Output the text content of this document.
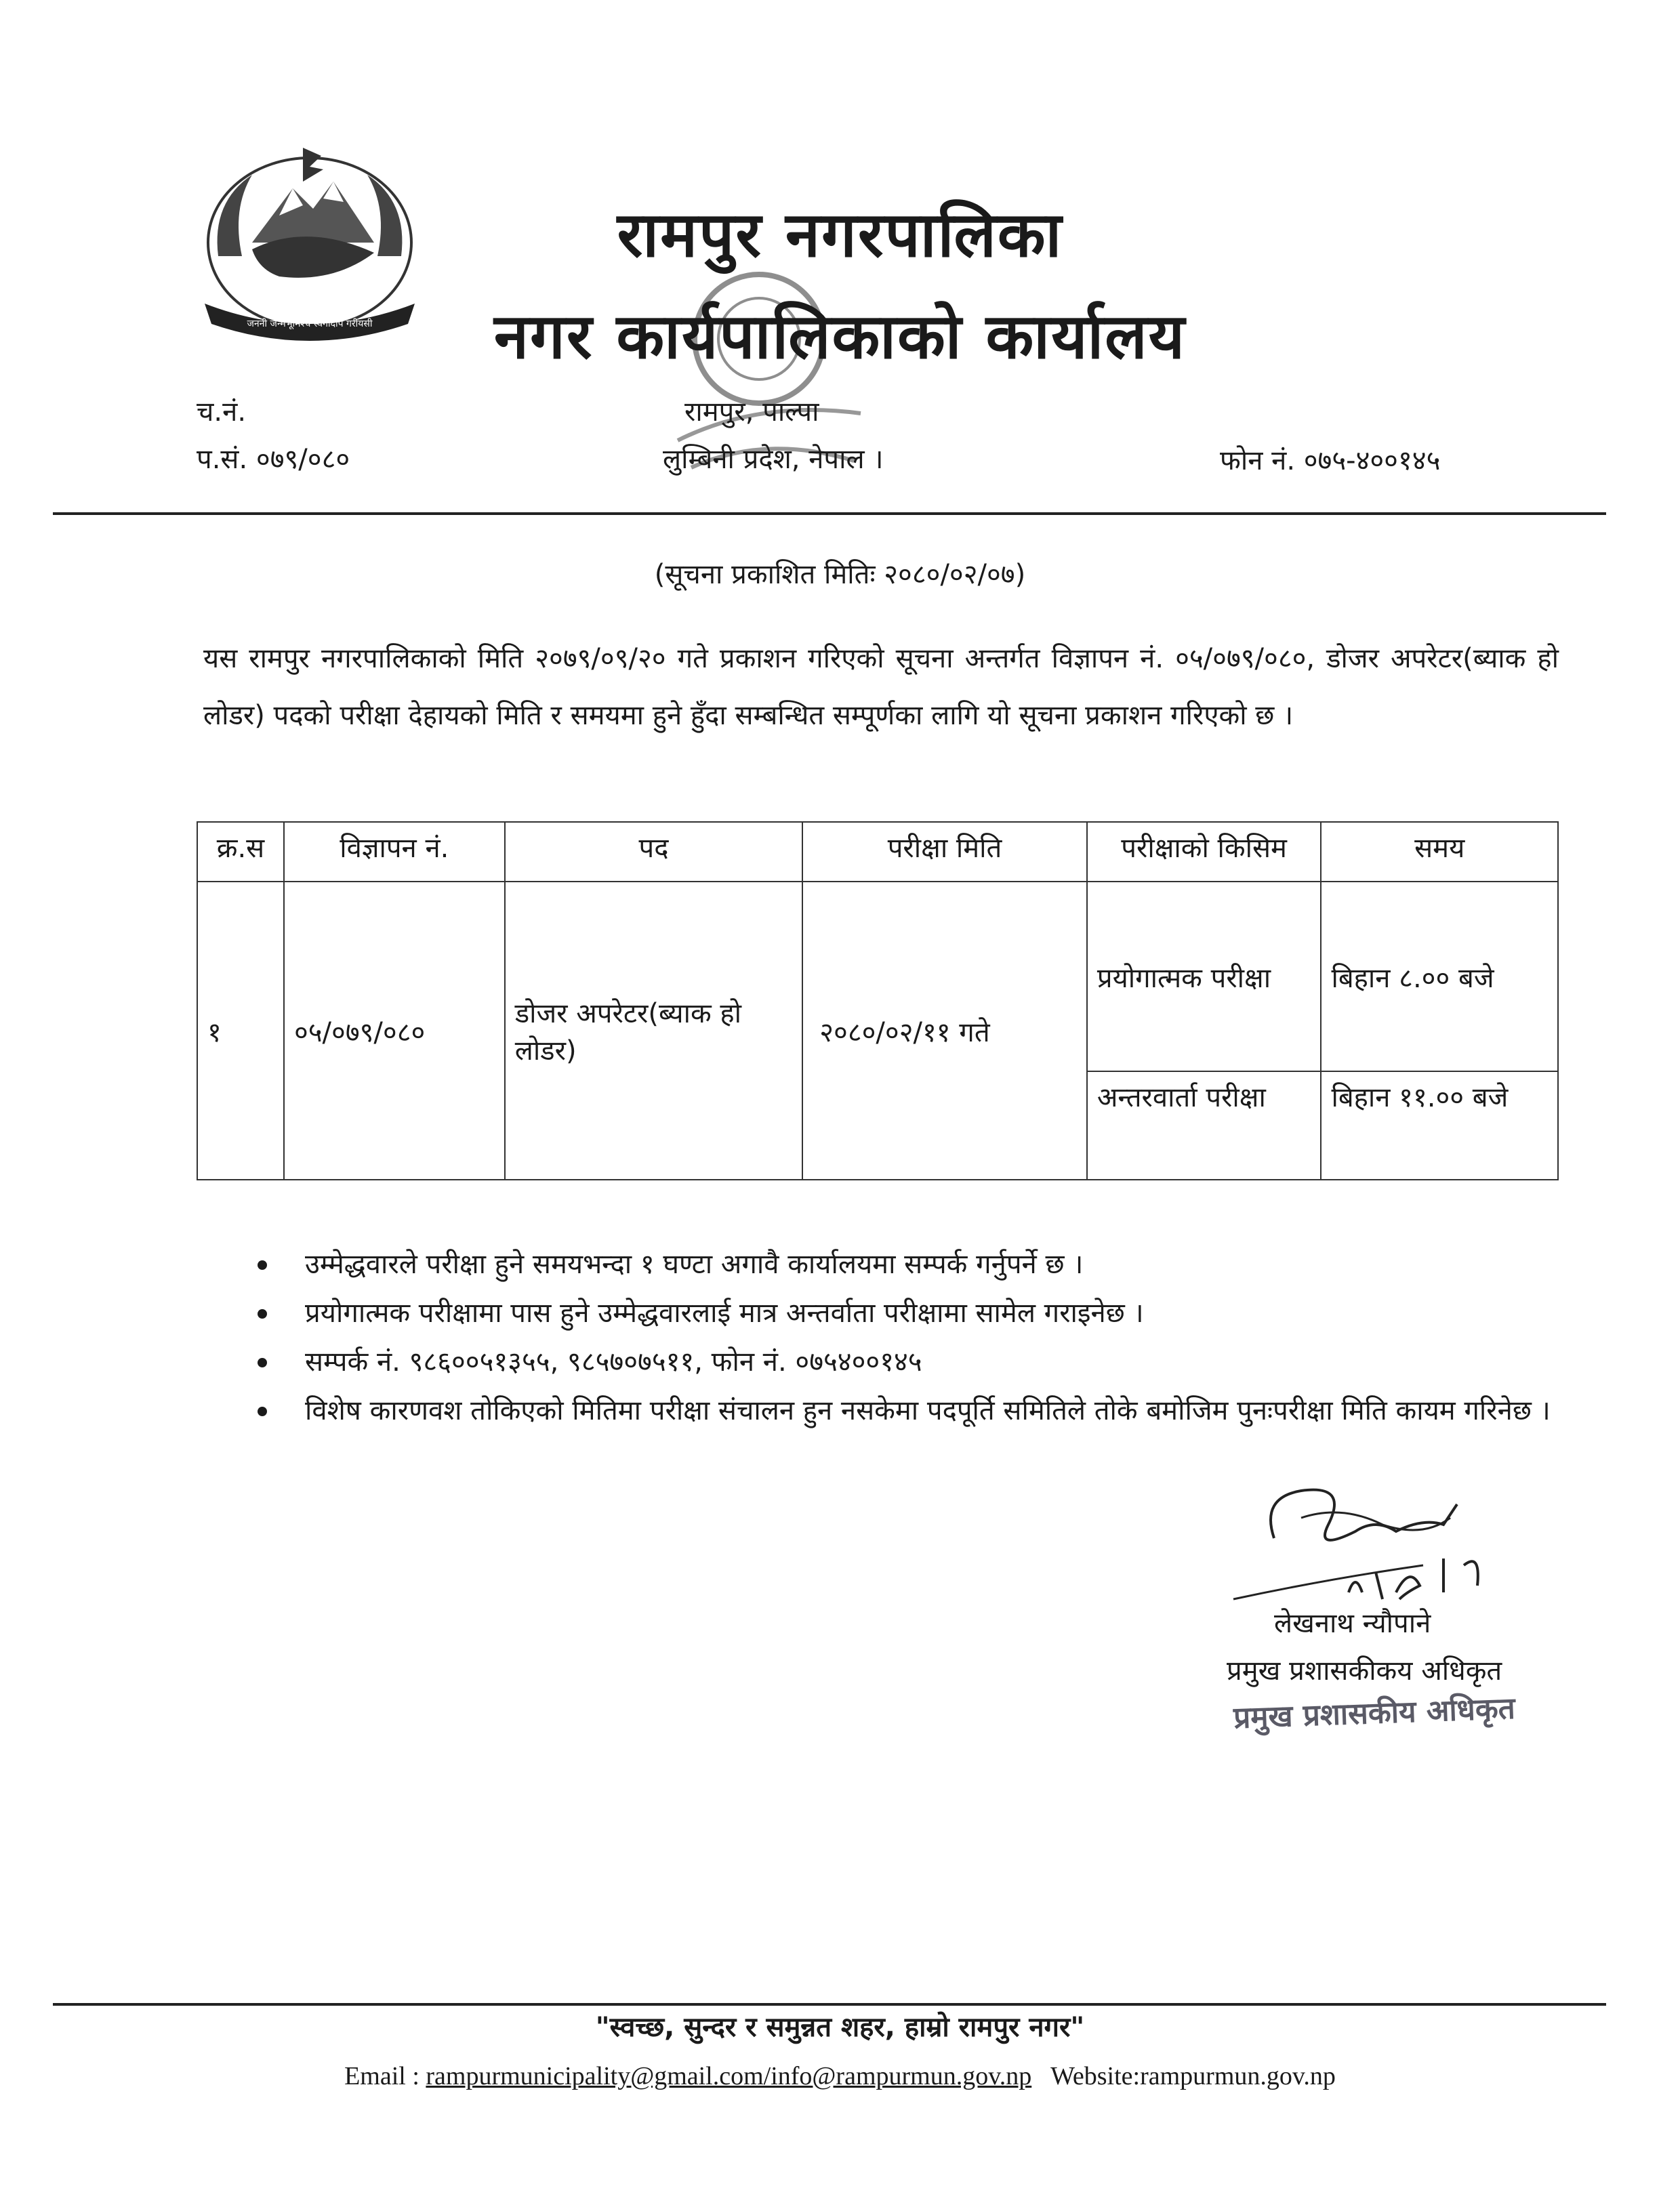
जननी जन्मभूमिश्च स्वर्गादपि गरीयसी
रामपुर नगरपालिका
नगर कार्यपालिकाको कार्यालय
च.नं.
प.सं. ०७९/०८०
रामपुर, पाल्पा
लुम्बिनी प्रदेश, नेपाल ।	फोन नं. ०७५-४००१४५
(सूचना प्रकाशित मितिः २०८०/०२/०७)
यस रामपुर नगरपालिकाको मिति २०७९/०९/२० गते प्रकाशन गरिएको सूचना अन्तर्गत विज्ञापन नं. ०५/०७९/०८०, डोजर अपरेटर(ब्याक हो लोडर) पदको परीक्षा देहायको मिति र समयमा हुने हुँदा सम्बन्धित सम्पूर्णका लागि यो सूचना प्रकाशन गरिएको छ ।
क्र.स	विज्ञापन नं.	पद	परीक्षा मिति	परीक्षाको किसिम	समय
१	०५/०७९/०८०	डोजर अपरेटर(ब्याक हो लोडर)	२०८०/०२/११ गते	प्रयोगात्मक परीक्षा	बिहान ८.०० बजे
				अन्तरवार्ता परीक्षा	बिहान ११.०० बजे
उम्मेद्धवारले परीक्षा हुने समयभन्दा १ घण्टा अगावै कार्यालयमा सम्पर्क गर्नुपर्ने छ ।
प्रयोगात्मक परीक्षामा पास हुने उम्मेद्धवारलाई मात्र अन्तर्वाता परीक्षामा सामेल गराइनेछ ।
सम्पर्क नं. ९८६००५१३५५, ९८५७०७५११, फोन नं. ०७५४००१४५
विशेष कारणवश तोकिएको मितिमा परीक्षा संचालन हुन नसकेमा पदपूर्ति समितिले तोके बमोजिम पुनःपरीक्षा मिति कायम गरिनेछ ।
लेखनाथ न्यौपाने
प्रमुख प्रशासकीकय अधिकृत
प्रमुख प्रशासकीय अधिकृत
"स्वच्छ, सुन्दर र समुन्नत शहर, हाम्रो रामपुर नगर"
Email : rampurmunicipality@gmail.com/info@rampurmun.gov.np Website:rampurmun.gov.np
